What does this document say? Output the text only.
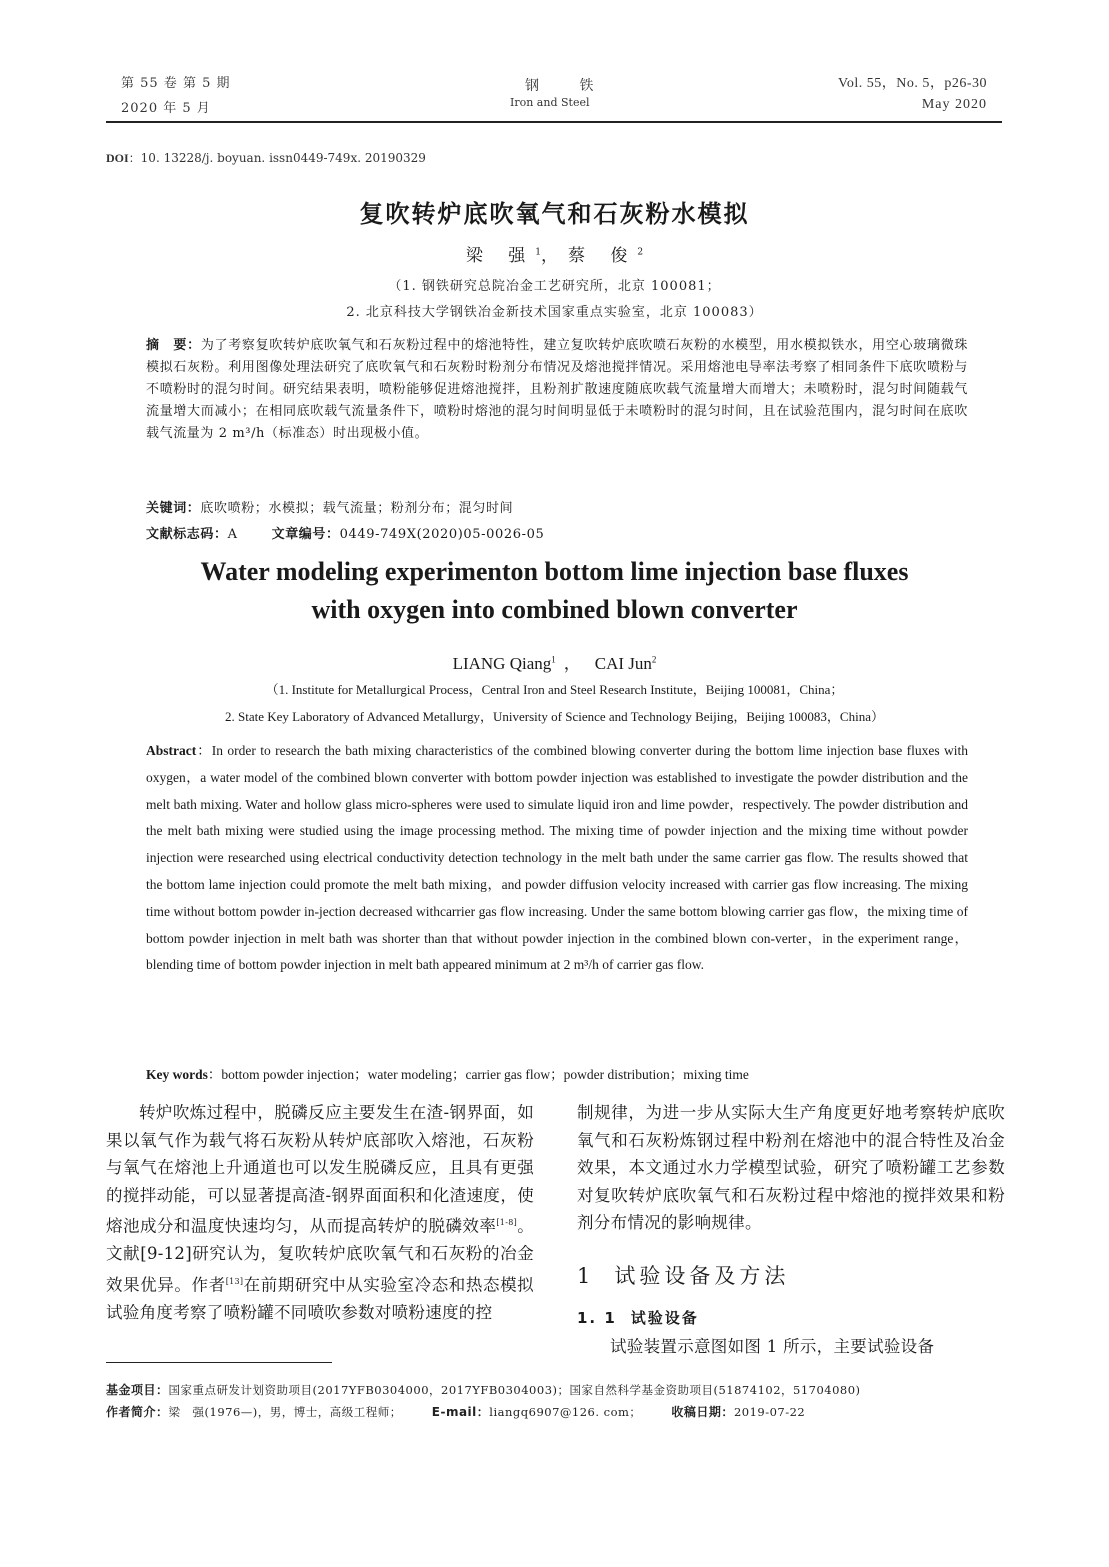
第 55 卷 第 5 期
2020 年 5 月
钢 铁
Iron and Steel
Vol. 55，No. 5，p26-30
May 2020
DOI：10. 13228/j. boyuan. issn0449-749x. 20190329
复吹转炉底吹氧气和石灰粉水模拟
梁 强$^1$，蔡 俊$^2$
（1. 钢铁研究总院冶金工艺研究所，北京 100081；
2. 北京科技大学钢铁冶金新技术国家重点实验室，北京 100083）
摘　要：为了考察复吹转炉底吹氧气和石灰粉过程中的熔池特性，建立复吹转炉底吹喷石灰粉的水模型，用水模拟铁水，用空心玻璃微珠模拟石灰粉。利用图像处理法研究了底吹氧气和石灰粉时粉剂分布情况及熔池搅拌情况。采用熔池电导率法考察了相同条件下底吹喷粉与不喷粉时的混匀时间。研究结果表明，喷粉能够促进熔池搅拌，且粉剂扩散速度随底吹载气流量增大而增大；未喷粉时，混匀时间随载气流量增大而减小；在相同底吹载气流量条件下，喷粉时熔池的混匀时间明显低于未喷粉时的混匀时间，且在试验范围内，混匀时间在底吹载气流量为 2 m³/h（标准态）时出现极小值。
关键词：底吹喷粉；水模拟；载气流量；粉剂分布；混匀时间
文献标志码：A	文章编号：0449-749X(2020)05-0026-05
Water modeling experimenton bottom lime injection base fluxes
with oxygen into combined blown converter
LIANG Qiang$^1$ ， CAI Jun$^2$
（1. Institute for Metallurgical Process，Central Iron and Steel Research Institute，Beijing 100081，China；
2. State Key Laboratory of Advanced Metallurgy，University of Science and Technology Beijing，Beijing 100083，China）
Abstract：In order to research the bath mixing characteristics of the combined blowing converter during the bottom lime injection base fluxes with oxygen，a water model of the combined blown converter with bottom powder injection was established to investigate the powder distribution and the melt bath mixing. Water and hollow glass micro-spheres were used to simulate liquid iron and lime powder，respectively. The powder distribution and the melt bath mixing were studied using the image processing method. The mixing time of powder injection and the mixing time without powder injection were researched using electrical conductivity detection technology in the melt bath under the same carrier gas flow. The results showed that the bottom lame injection could promote the melt bath mixing，and powder diffusion velocity increased with carrier gas flow increasing. The mixing time without bottom powder in-jection decreased withcarrier gas flow increasing. Under the same bottom blowing carrier gas flow，the mixing time of bottom powder injection in melt bath was shorter than that without powder injection in the combined blown con-verter，in the experiment range，blending time of bottom powder injection in melt bath appeared minimum at 2 m³/h of carrier gas flow.
Key words：bottom powder injection；water modeling；carrier gas flow；powder distribution；mixing time
转炉吹炼过程中，脱磷反应主要发生在渣-钢界面，如果以氧气作为载气将石灰粉从转炉底部吹入熔池，石灰粉与氧气在熔池上升通道也可以发生脱磷反应，且具有更强的搅拌动能，可以显著提高渣-钢界面面积和化渣速度，使熔池成分和温度快速均匀，从而提高转炉的脱磷效率[1-8]。文献[9-12]研究认为，复吹转炉底吹氧气和石灰粉的冶金效果优异。作者[13]在前期研究中从实验室冷态和热态模拟试验角度考察了喷粉罐不同喷吹参数对喷粉速度的控
制规律，为进一步从实际大生产角度更好地考察转炉底吹氧气和石灰粉炼钢过程中粉剂在熔池中的混合特性及冶金效果，本文通过水力学模型试验，研究了喷粉罐工艺参数对复吹转炉底吹氧气和石灰粉过程中熔池的搅拌效果和粉剂分布情况的影响规律。
1 试验设备及方法
1. 1 试验设备
试验装置示意图如图 1 所示，主要试验设备
基金项目：国家重点研发计划资助项目(2017YFB0304000，2017YFB0304003)；国家自然科学基金资助项目(51874102，51704080)
作者简介：梁　强(1976—)，男，博士，高级工程师；	E-mail：liangq6907@126. com；	收稿日期：2019-07-22
